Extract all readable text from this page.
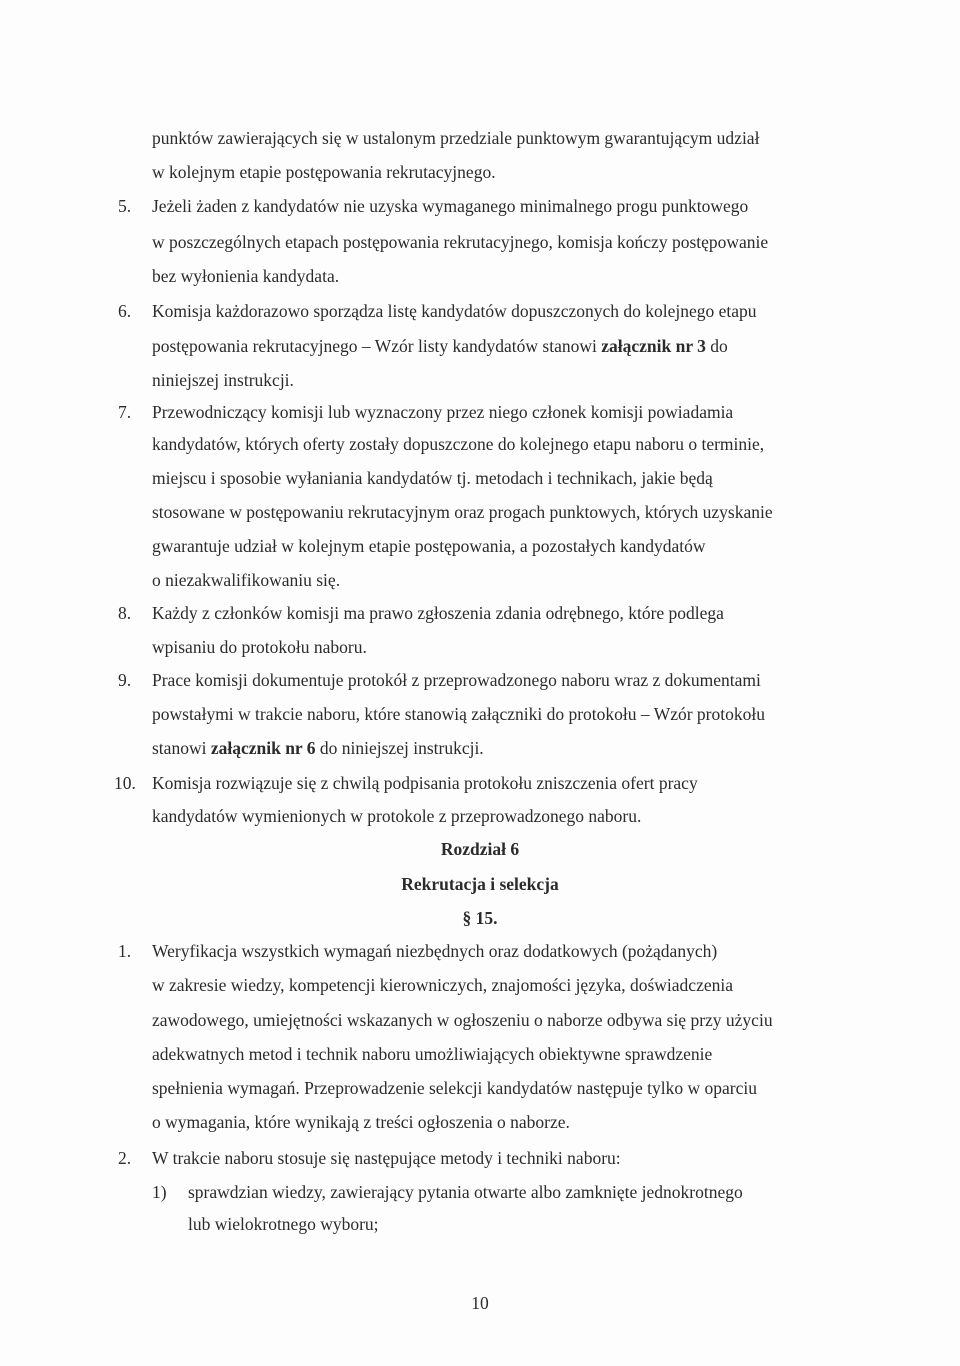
punktów zawierających się w ustalonym przedziale punktowym gwarantującym udział
w kolejnym etapie postępowania rekrutacyjnego.
5. Jeżeli żaden z kandydatów nie uzyska wymaganego minimalnego progu punktowego
w poszczególnych etapach postępowania rekrutacyjnego, komisja kończy postępowanie
bez wyłonienia kandydata.
6. Komisja każdorazowo sporządza listę kandydatów dopuszczonych do kolejnego etapu
postępowania rekrutacyjnego – Wzór listy kandydatów stanowi załącznik nr 3 do
niniejszej instrukcji.
7. Przewodniczący komisji lub wyznaczony przez niego członek komisji powiadamia
kandydatów, których oferty zostały dopuszczone do kolejnego etapu naboru o terminie,
miejscu i sposobie wyłaniania kandydatów tj. metodach i technikach, jakie będą
stosowane w postępowaniu rekrutacyjnym oraz progach punktowych, których uzyskanie
gwarantuje udział w kolejnym etapie postępowania, a pozostałych kandydatów
o niezakwalifikowaniu się.
8. Każdy z członków komisji ma prawo zgłoszenia zdania odrębnego, które podlega
wpisaniu do protokołu naboru.
9. Prace komisji dokumentuje protokół z przeprowadzonego naboru wraz z dokumentami
powstałymi w trakcie naboru, które stanowią załączniki do protokołu – Wzór protokołu
stanowi załącznik nr 6 do niniejszej instrukcji.
10. Komisja rozwiązuje się z chwilą podpisania protokołu zniszczenia ofert pracy
kandydatów wymienionych w protokole z przeprowadzonego naboru.
Rozdział 6
Rekrutacja i selekcja
§ 15.
1. Weryfikacja wszystkich wymagań niezbędnych oraz dodatkowych (pożądanych)
w zakresie wiedzy, kompetencji kierowniczych, znajomości języka, doświadczenia
zawodowego, umiejętności wskazanych w ogłoszeniu o naborze odbywa się przy użyciu
adekwatnych metod i technik naboru umożliwiających obiektywne sprawdzenie
spełnienia wymagań. Przeprowadzenie selekcji kandydatów następuje tylko w oparciu
o wymagania, które wynikają z treści ogłoszenia o naborze.
2. W trakcie naboru stosuje się następujące metody i techniki naboru:
1) sprawdzian wiedzy, zawierający pytania otwarte albo zamknięte jednokrotnego
lub wielokrotnego wyboru;
10
